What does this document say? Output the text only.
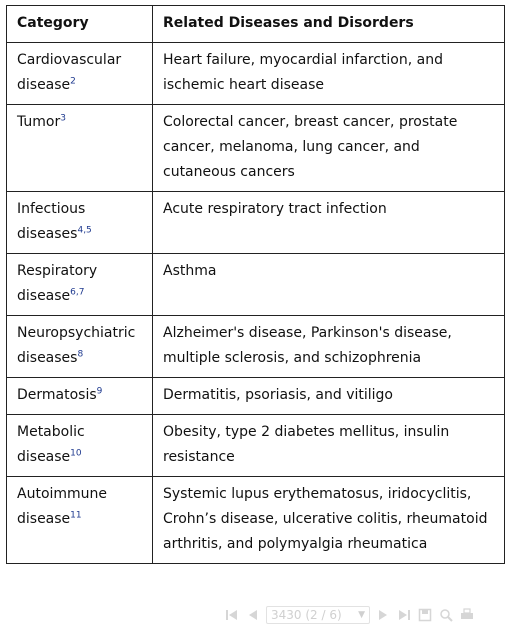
Category	Related Diseases and Disorders
Cardiovascular disease$^2$	Heart failure, myocardial infarction, and ischemic heart disease
Tumor$^3$	Colorectal cancer, breast cancer, prostate cancer, melanoma, lung cancer, and cutaneous cancers
Infectious diseases$^{4,5}$	Acute respiratory tract infection
Respiratory disease$^{6,7}$	Asthma
Neuropsychiatric diseases$^8$	Alzheimer's disease, Parkinson's disease, multiple sclerosis, and schizophrenia
Dermatosis$^9$	Dermatitis, psoriasis, and vitiligo
Metabolic disease$^{10}$	Obesity, type 2 diabetes mellitus, insulin resistance
Autoimmune disease$^{11}$	Systemic lupus erythematosus, iridocyclitis, Crohn’s disease, ulcerative colitis, rheumatoid arthritis, and polymyalgia rheumatica
3430 (2 / 6) ▼
